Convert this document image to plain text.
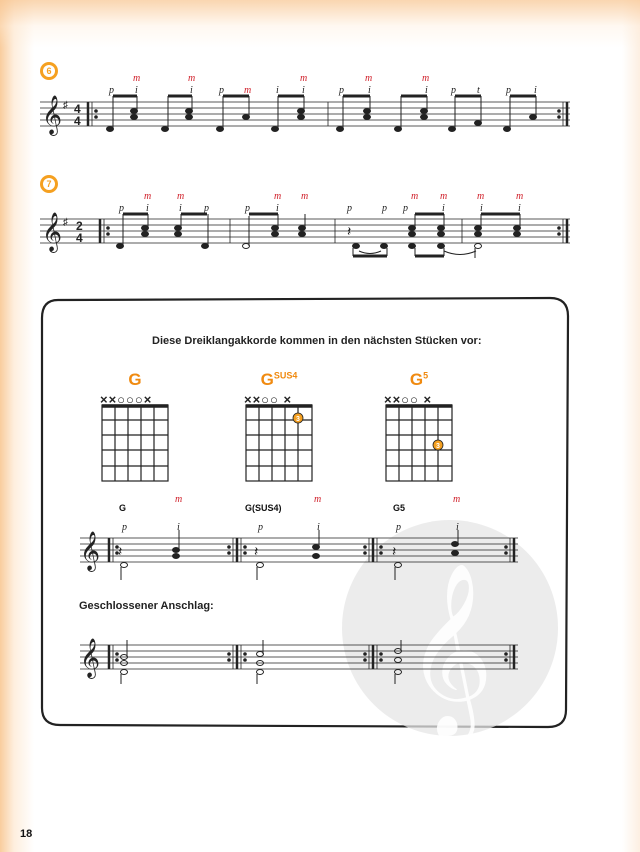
6
7
𝄞 ♯ 4
4
p
m
i
m
i	p m i
m
i	p
m
i
m
i p t	p i
𝄞 ♯ 2
4	𝄽
p
m
i
m
i p	p
m
i
m
p	p p
m
i
m	m
i
m
i
𝄞
3
3
××○○○×	××○○ ×	××○○ ×
𝄞 𝄽	𝄽	𝄽
m
p	i
m
p	i
m
p	i
𝄞
Diese Dreiklangakkorde kommen in den nächsten Stücken vor:
G	$G^{SUS4}$	$G^5$
G	G(SUS4)	G5
Geschlossener Anschlag:
18
